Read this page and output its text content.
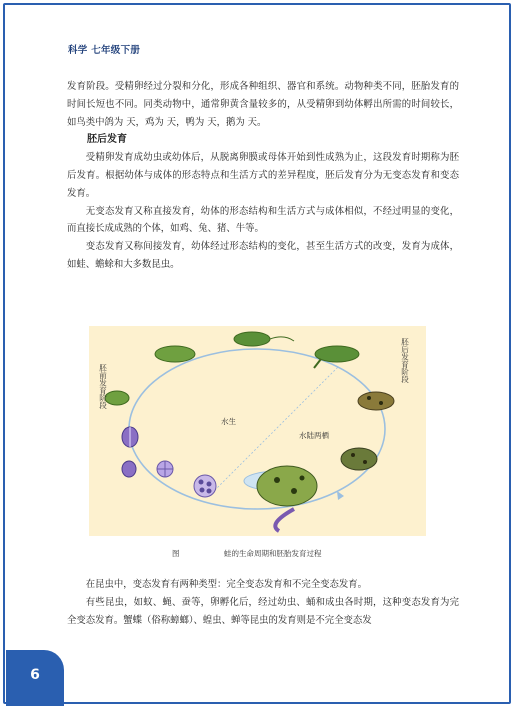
科学 七年级下册

发育阶段。受精卵经过分裂和分化，形成各种组织、器官和系统。动物种类不同，胚胎发育的时间长短也不同。同类动物中，通常卵黄含量较多的，从受精卵到幼体孵出所需的时间较长，如鸟类中鸽为 天，鸡为 天，鸭为 天，鹅为 天。

胚后发育

受精卵发育成幼虫或幼体后，从脱离卵膜或母体开始到性成熟为止，这段发育时期称为胚后发育。根据幼体与成体的形态特点和生活方式的差异程度，胚后发育分为无变态发育和变态发育。

无变态发育又称直接发育，幼体的形态结构和生活方式与成体相似，不经过明显的变化，而直接长成成熟的个体，如鸡、兔、猪、牛等。

变态发育又称间接发育，幼体经过形态结构的变化，甚至生活方式的改变，发育为成体，如蛙、蟾蜍和大多数昆虫。

胚前发育阶段
胚后发育阶段
水生
水陆两栖
图	蛙的生命周期和胚胎发育过程

在昆虫中，变态发育有两种类型：完全变态发育和不完全变态发育。

有些昆虫，如蚊、蝇、蚕等，卵孵化后，经过幼虫、蛹和成虫各时期，这种变态发育为完全变态发育。蟹蝶（俗称蟑螂）、蝗虫、蝉等昆虫的发育则是不完全变态发

6
